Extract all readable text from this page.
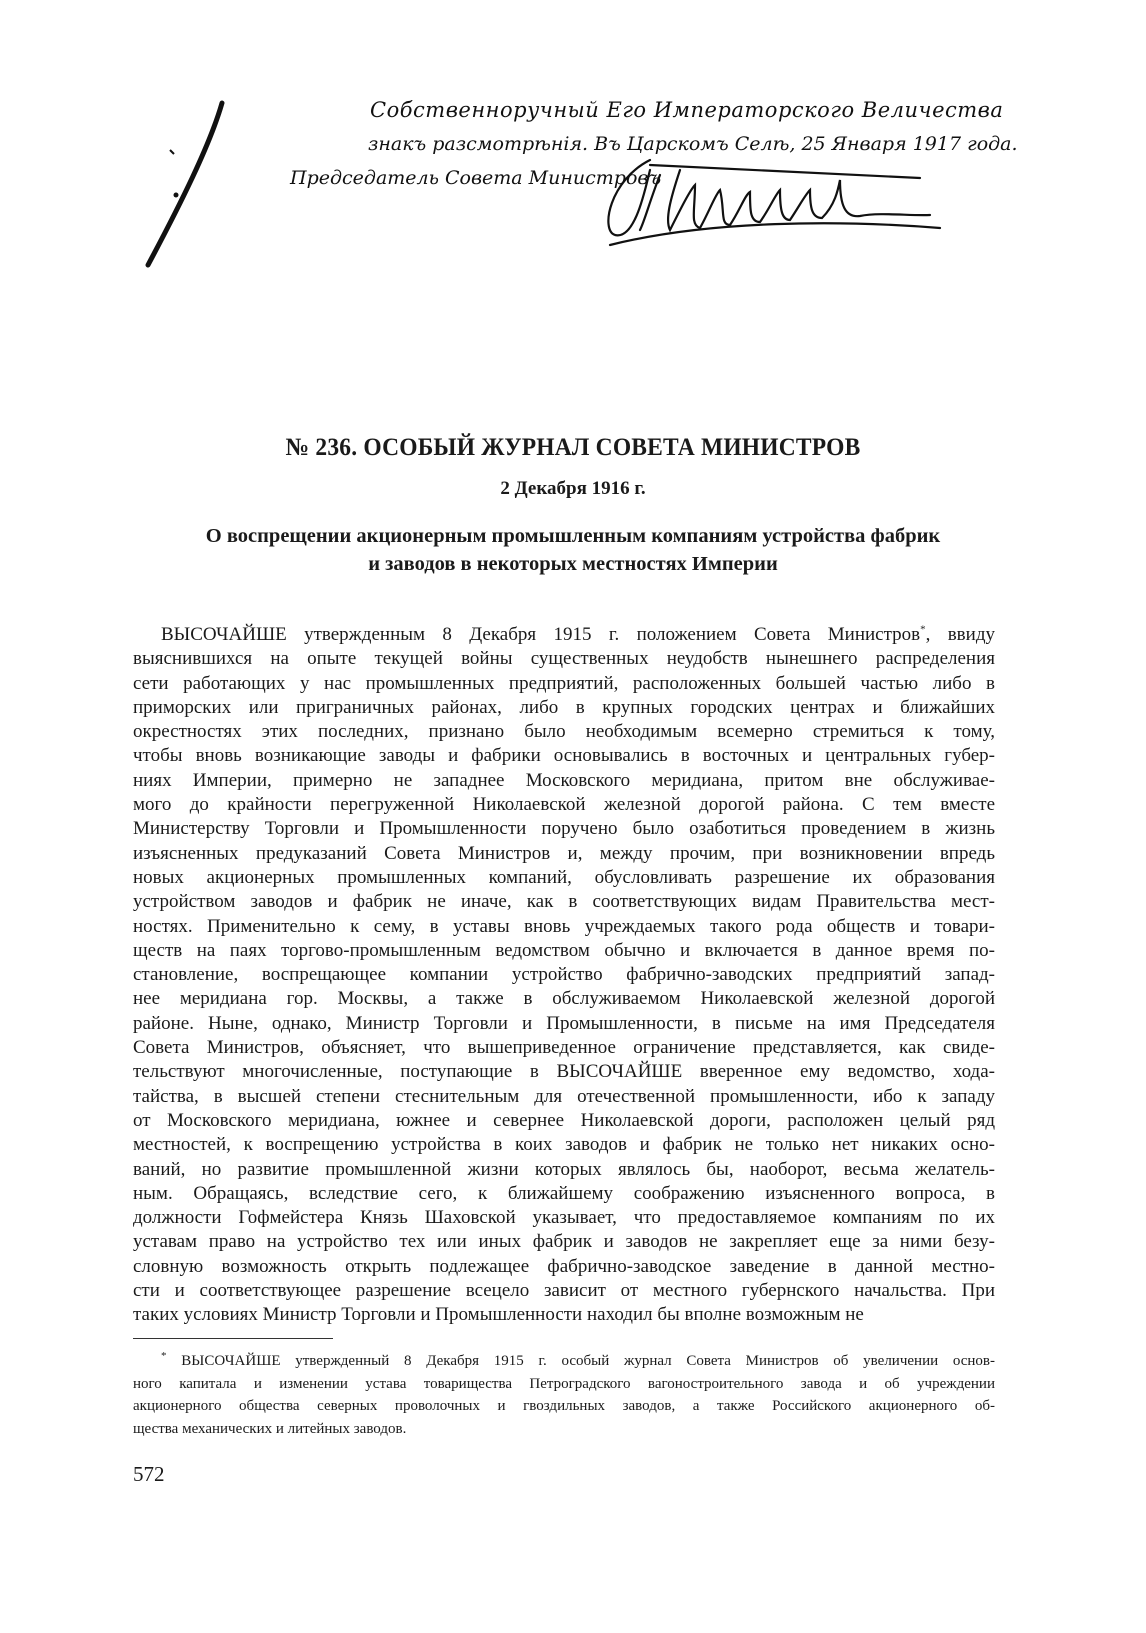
Собственноручный Его Императорского Величества
знакъ разсмотрѣнія. Въ Царскомъ Селѣ, 25 Января 1917 года.
Председатель Совета Министровъ
№ 236. ОСОБЫЙ ЖУРНАЛ СОВЕТА МИНИСТРОВ
2 Декабря 1916 г.
О воспрещении акционерным промышленным компаниям устройства фабрик
и заводов в некоторых местностях Империи
ВЫСОЧАЙШЕ утвержденным 8 Декабря 1915 г. положением Совета Министров*, ввиду
выяснившихся на опыте текущей войны существенных неудобств нынешнего распределения
сети работающих у нас промышленных предприятий, расположенных большей частью либо в
приморских или приграничных районах, либо в крупных городских центрах и ближайших
окрестностях этих последних, признано было необходимым всемерно стремиться к тому,
чтобы вновь возникающие заводы и фабрики основывались в восточных и центральных губер-
ниях Империи, примерно не западнее Московского меридиана, притом вне обслуживае-
мого до крайности перегруженной Николаевской железной дорогой района. С тем вместе
Министерству Торговли и Промышленности поручено было озаботиться проведением в жизнь
изъясненных предуказаний Совета Министров и, между прочим, при возникновении впредь
новых акционерных промышленных компаний, обусловливать разрешение их образования
устройством заводов и фабрик не иначе, как в соответствующих видам Правительства мест-
ностях. Применительно к сему, в уставы вновь учреждаемых такого рода обществ и товари-
ществ на паях торгово-промышленным ведомством обычно и включается в данное время по-
становление, воспрещающее компании устройство фабрично-заводских предприятий запад-
нее меридиана гор. Москвы, а также в обслуживаемом Николаевской железной дорогой
районе. Ныне, однако, Министр Торговли и Промышленности, в письме на имя Председателя
Совета Министров, объясняет, что вышеприведенное ограничение представляется, как свиде-
тельствуют многочисленные, поступающие в ВЫСОЧАЙШЕ вверенное ему ведомство, хода-
тайства, в высшей степени стеснительным для отечественной промышленности, ибо к западу
от Московского меридиана, южнее и севернее Николаевской дороги, расположен целый ряд
местностей, к воспрещению устройства в коих заводов и фабрик не только нет никаких осно-
ваний, но развитие промышленной жизни которых являлось бы, наоборот, весьма желатель-
ным. Обращаясь, вследствие сего, к ближайшему соображению изъясненного вопроса, в
должности Гофмейстера Князь Шаховской указывает, что предоставляемое компаниям по их
уставам право на устройство тех или иных фабрик и заводов не закрепляет еще за ними безу-
словную возможность открыть подлежащее фабрично-заводское заведение в данной местно-
сти и соответствующее разрешение всецело зависит от местного губернского начальства. При
таких условиях Министр Торговли и Промышленности находил бы вполне возможным не
* ВЫСОЧАЙШЕ утвержденный 8 Декабря 1915 г. особый журнал Совета Министров об увеличении основ-
ного капитала и изменении устава товарищества Петроградского вагоностроительного завода и об учреждении
акционерного общества северных проволочных и гвоздильных заводов, а также Российского акционерного об-
щества механических и литейных заводов.
572
